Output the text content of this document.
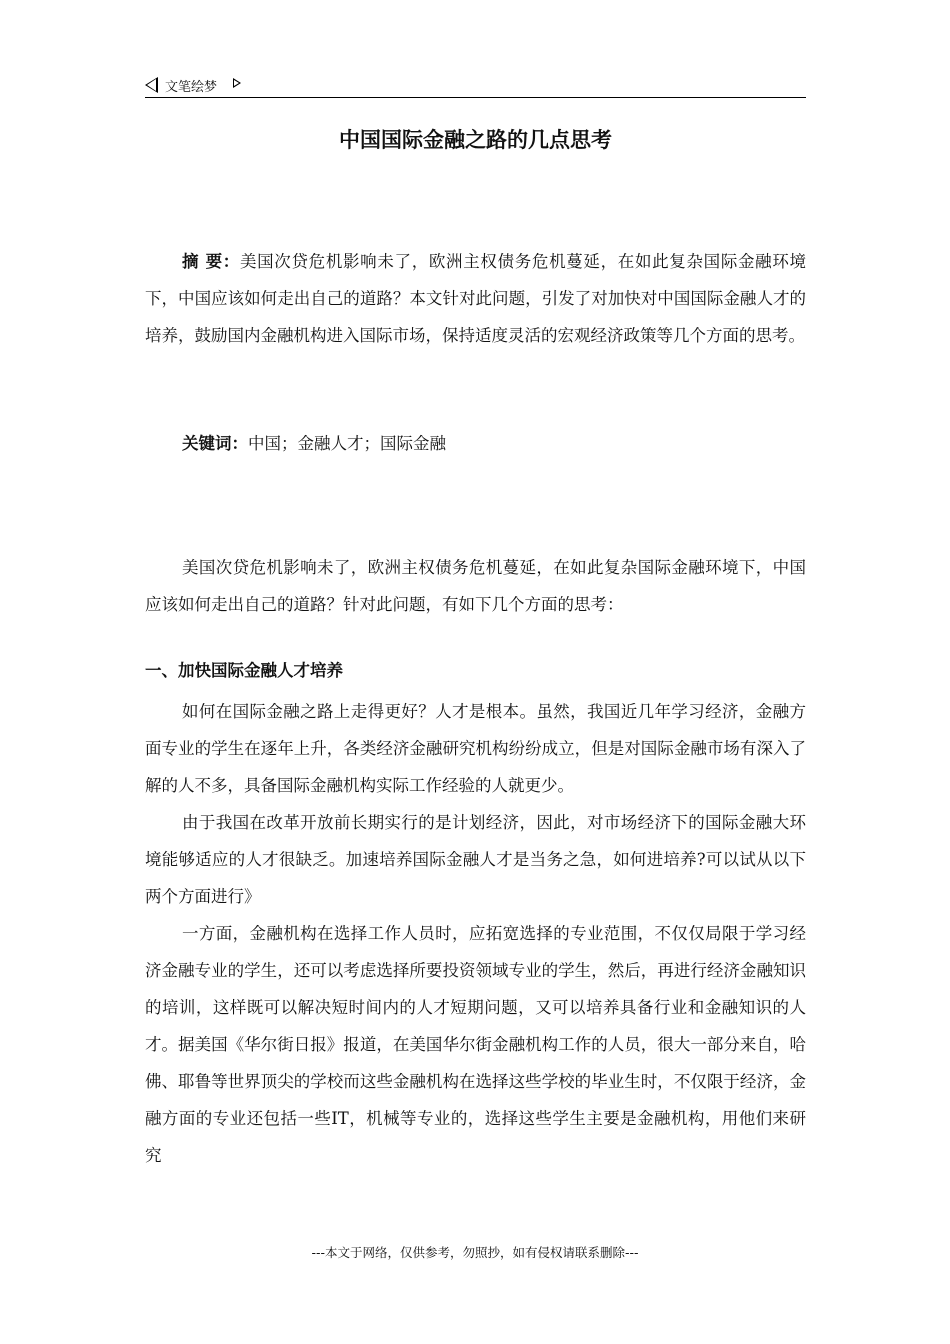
文笔绘梦
中国国际金融之路的几点思考

摘 要：美国次贷危机影响未了，欧洲主权债务危机蔓延，在如此复杂国际金融环境下，中国应该如何走出自己的道路？本文针对此问题，引发了对加快对中国国际金融人才的培养，鼓励国内金融机构进入国际市场，保持适度灵活的宏观经济政策等几个方面的思考。

关键词：中国；金融人才；国际金融

美国次贷危机影响未了，欧洲主权债务危机蔓延，在如此复杂国际金融环境下，中国应该如何走出自己的道路？针对此问题，有如下几个方面的思考：

一、加快国际金融人才培养

如何在国际金融之路上走得更好？人才是根本。虽然，我国近几年学习经济，金融方面专业的学生在逐年上升，各类经济金融研究机构纷纷成立，但是对国际金融市场有深入了解的人不多，具备国际金融机构实际工作经验的人就更少。

由于我国在改革开放前长期实行的是计划经济，因此，对市场经济下的国际金融大环境能够适应的人才很缺乏。加速培养国际金融人才是当务之急，如何进培养?可以试从以下两个方面进行》

一方面，金融机构在选择工作人员时，应拓宽选择的专业范围，不仅仅局限于学习经济金融专业的学生，还可以考虑选择所要投资领域专业的学生，然后，再进行经济金融知识的培训，这样既可以解决短时间内的人才短期问题，又可以培养具备行业和金融知识的人才。据美国《华尔街日报》报道，在美国华尔街金融机构工作的人员，很大一部分来自，哈佛、耶鲁等世界顶尖的学校而这些金融机构在选择这些学校的毕业生时，不仅限于经济，金融方面的专业还包括一些IT，机械等专业的，选择这些学生主要是金融机构，用他们来研究

---本文于网络，仅供参考，勿照抄，如有侵权请联系删除---
